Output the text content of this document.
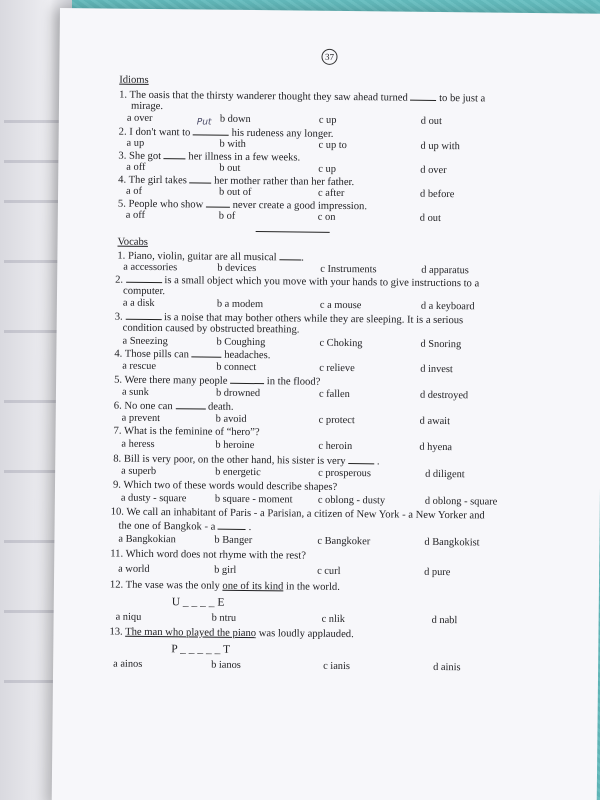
37
Idioms
1. The oasis that the thirsty wanderer thought they saw ahead turned	to be just a
mirage.
a over	b down	c up	d out
Put
2. I don't want to	his rudeness any longer.
a up	b with	c up to	d up with
3. She got	her illness in a few weeks.
a off	b out	c up	d over
4. The girl takes	her mother rather than her father.
a of	b out of	c after	d before
5. People who show	never create a good impression.
a off	b of	c on	d out
Vocabs
1. Piano, violin, guitar are all musical .
a accessories	b devices	c Instruments	d apparatus
2.	is a small object which you move with your hands to give instructions to a
computer.
a a disk	b a modem	c a mouse	d a keyboard
3.	is a noise that may bother others while they are sleeping. It is a serious
condition caused by obstructed breathing.
a Sneezing	b Coughing	c Choking	d Snoring
4. Those pills can	headaches.
a rescue	b connect	c relieve	d invest
5. Were there many people	in the flood?
a sunk	b drowned	c fallen	d destroyed
6. No one can	death.
a prevent	b avoid	c protect	d await
7. What is the feminine of “hero”?
a heress	b heroine	c heroin	d hyena
8. Bill is very poor, on the other hand, his sister is very	.
a superb	b energetic	c prosperous	d diligent
9. Which two of these words would describe shapes?
a dusty - square	b square - moment c oblong - dusty	d oblong - square
10. We call an inhabitant of Paris - a Parisian, a citizen of New York - a New Yorker and
the one of Bangkok - a	.
a Bangkokian	b Banger	c Bangkoker	d Bangkokist
11. Which word does not rhyme with the rest?
a world	b girl	c curl	d pure
12. The vase was the only one of its kind in the world.
U _ _ _ _ E
a niqu	b ntru	c nlik	d nabl
13. The man who played the piano was loudly applauded.
P _ _ _ _ _ T
a ainos	b ianos	c ianis	d ainis
